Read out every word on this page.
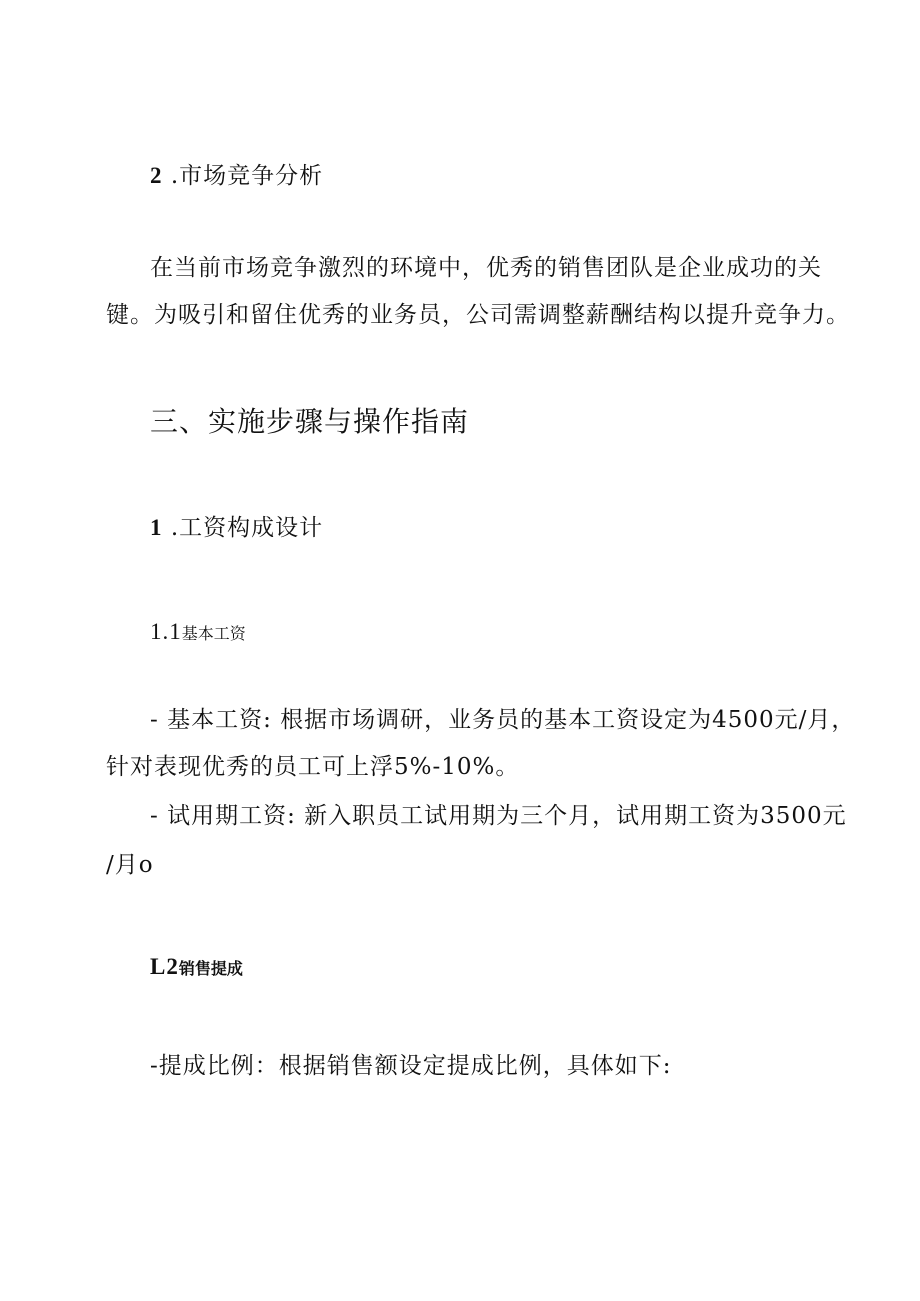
2 .市场竞争分析
在当前市场竞争激烈的环境中，优秀的销售团队是企业成功的关
键。为吸引和留住优秀的业务员，公司需调整薪酬结构以提升竞争力。
三、实施步骤与操作指南
1 .工资构成设计
1.1基本工资
- 基本工资: 根据市场调研，业务员的基本工资设定为4500元/月，
针对表现优秀的员工可上浮5%-10%。
- 试用期工资: 新入职员工试用期为三个月，试用期工资为3500元
/月o
L2销售提成
-提成比例：根据销售额设定提成比例，具体如下:
